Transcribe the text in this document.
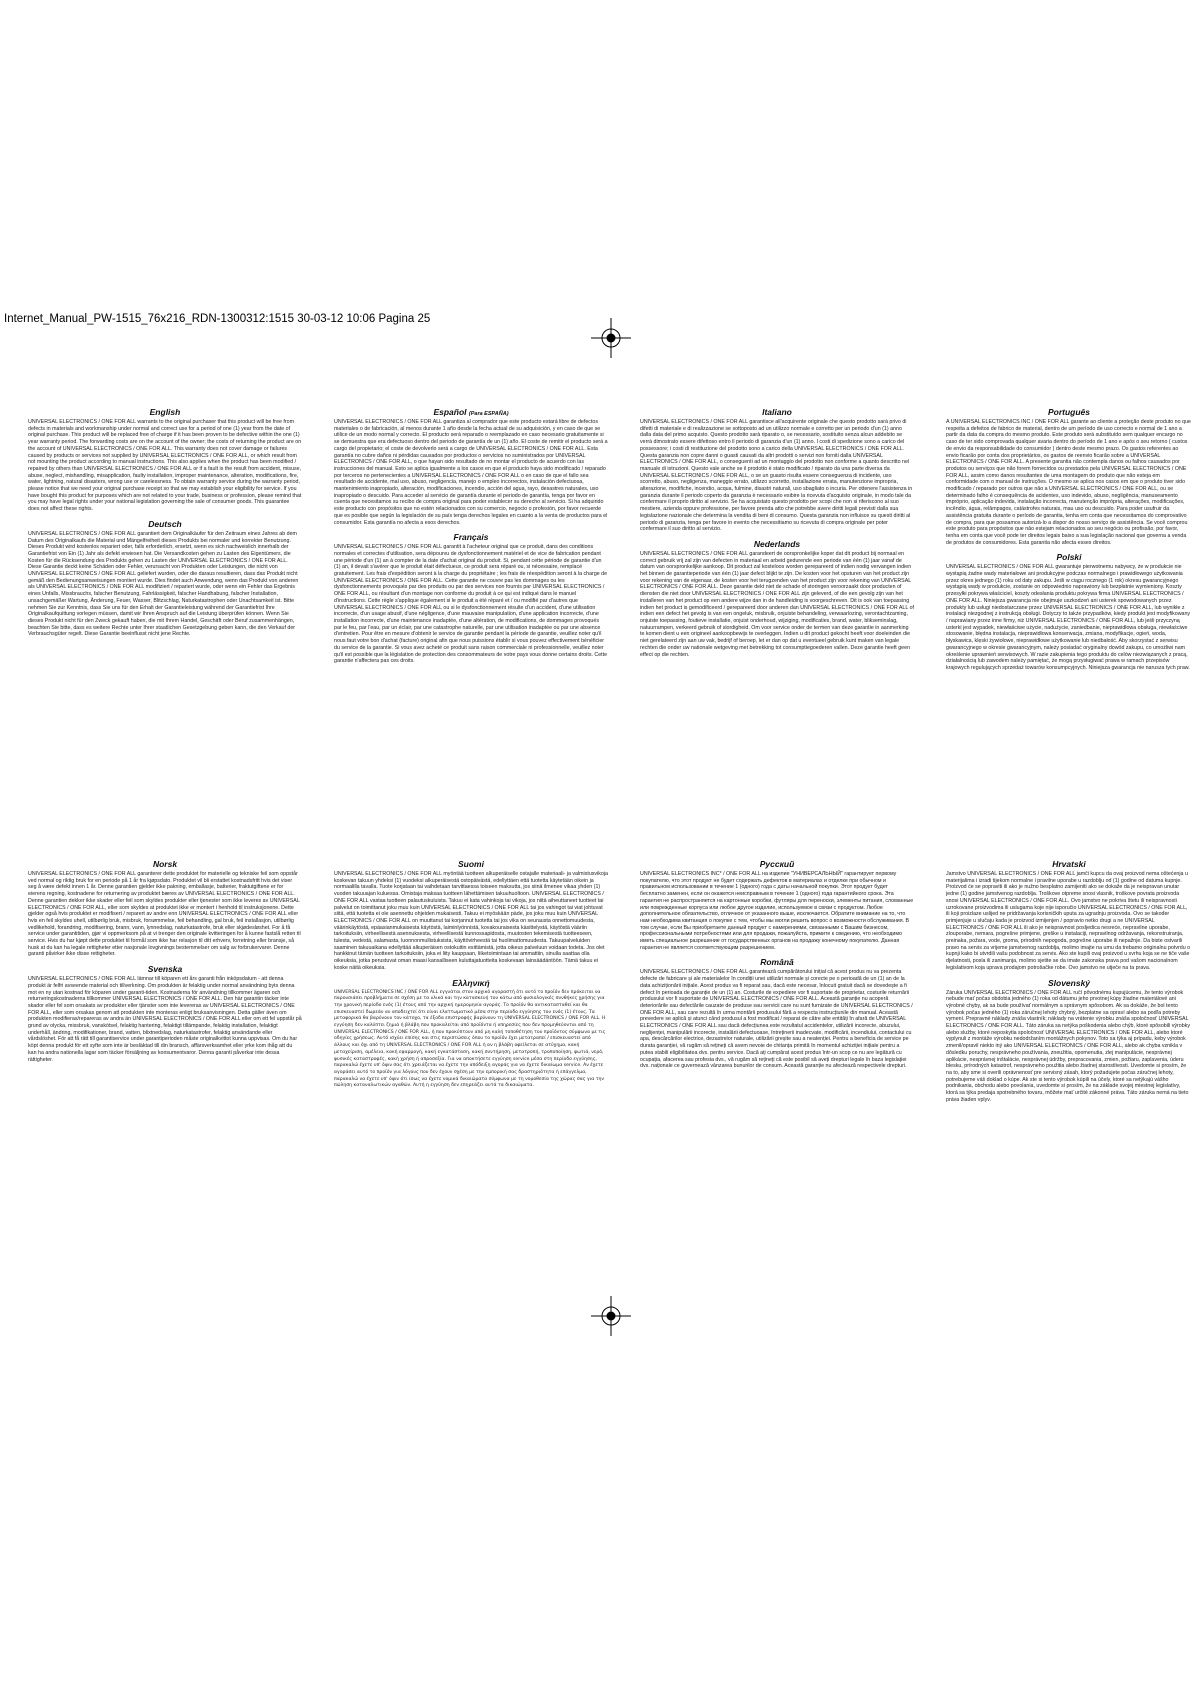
Internet_Manual_PW-1515_76x216_RDN-1300312:1515 30-03-12 10:06 Pagina 25
English

UNIVERSAL ELECTRONICS / ONE FOR ALL warrants to the original purchaser that this product will be free from defects in materials and workmanship under normal and correct use for a period of one (1) year from the date of original purchase. This product will be replaced free of charge if it has been proven to be defective within the one (1) year warranty period. The forwarding costs are on the account of the owner; the costs of returning the product are on the account of UNIVERSAL ELECTRONICS / ONE FOR ALL. This warranty does not cover damage or failures caused by products or services not supplied by UNIVERSAL ELECTRONICS / ONE FOR ALL, or which result from not mounting the product according to manual instructions. This also applies when the product has been modified / repaired by others than UNIVERSAL ELECTRONICS / ONE FOR ALL or if a fault is the result from accident, misuse, abuse, neglect, mishandling, misapplication, faulty installation, improper maintenance, alteration, modifications, fire, water, lightning, natural disasters, wrong use or carelessness. To obtain warranty service during the warranty period, please notice that we need your original purchase receipt so that we may establish your eligibility for service. If you have bought this product for purposes which are not related to your trade, business or profession, please remind that you may have legal rights under your national legislation governing the sale of consumer goods. This guarantee does not affect these rights.

Deutsch

UNIVERSAL ELECTRONICS / ONE FOR ALL garantiert dem Originalkäufer für den Zeitraum eines Jahres ab dem Datum des Originalkaufs die Material und Mängelfreiheit dieses Produkts bei normaler und korrekter Benutzung. Dieses Produkt wird kostenlos repariert oder, falls erforderlich, ersetzt, wenn es sich nachweislich innerhalb der Garantiefrist von Ein (1) Jahr als defekt erwiesen hat. Die Versandkosten gehen zu Lasten des Eigentümers, die Kosten für die Rücksendung des Produkts gehen zu Lasten der UNIVERSAL ELECTRONICS / ONE FOR ALL. Diese Garantie deckt keine Schäden oder Fehler, verursacht von Produkten oder Leistungen, die nicht von UNIVERSAL ELECTRONICS / ONE FOR ALL geliefert wurden, oder die daraus resultieren, dass das Produkt nicht gemäß den Bedienungsanweisungen montiert wurde. Dies findet auch Anwendung, wenn das Produkt von anderen als UNIVERSAL ELECTRONICS / ONE FOR ALL modifiziert / repariert wurde, oder wenn ein Fehler das Ergebnis eines Unfalls, Missbrauchs, falscher Benutzung, Fahrlässigkeit, falscher Handhabung, falscher Installation, unsachgemäßer Wartung, Änderung, Feuer, Wasser, Blitzschlag, Naturkatastrophen oder Unachtsamkeit ist. Bitte nehmen Sie zur Kenntnis, dass Sie uns für den Erhalt der Garantieleistung während der Garantiefrist Ihre Originalkaufquittung vorlegen müssen, damit wir Ihren Anspruch auf die Leistung überprüfen können. Wenn Sie dieses Produkt nicht für den Zweck gekauft haben, die mit Ihrem Handel, Geschäft oder Beruf zusammenhängen, beachten Sie bitte, dass es weitere Rechte unter Ihrer staatlichen Gesetzgebung geben kann, die den Verkauf der Verbrauchsgüter regelt. Diese Garantie beeinflusst nicht jene Rechte.

Español (Para ESPAÑA)

UNIVERSAL ELECTRONICS / ONE FOR ALL garantiza al comprador que este producto estará libre de defectos materiales o de fabricación, al menos durante 1 año desde la fecha actual de su adquisición, y en caso de que se utilice de un modo normal y correcto. El producto será reparado o reemplazado en caso necesario gratuitamente si se demuestra que era defectuoso dentro del periodo de garantía de un (1) año. El coste de remitir el producto será a cargo del propietario; el coste de devolverlo será a cargo de UNIVERSAL ELECTRONICS / ONE FOR ALL. Esta garantía no cubre daños ni pérdidas causados por productos o servicios no suministrados por UNIVERSAL ELECTRONICS / ONE FOR ALL, o que hayan sido resultado de no montar el producto de acuerdo con las instrucciones del manual. Esto se aplica igualmente a los casos en que el producto haya sido modificado / reparado por terceros no pertenecientes a UNIVERSAL ELECTRONICS / ONE FOR ALL o en caso de que el fallo sea resultado de accidente, mal uso, abuso, negligencia, manejo o empleo incorrectos, instalación defectuosa, mantenimiento inapropiado, alteración, modificaciones, incendio, acción del agua, rayo, desastres naturales, uso inapropiado o descuido. Para acceder al servicio de garantía durante el periodo de garantía, tenga por favor en cuenta que necesitamos su recibo de compra original para poder establecer su derecho al servicio. Si ha adquirido este producto con propósitos que no estén relacionados con su comercio, negocio o profesión, por favor recuerde que es posible que según la legislación de su país tenga derechos legales en cuanto a la venta de productos para el consumidor. Esta garantía no afecta a esos derechos.

Français

UNIVERSAL ELECTRONICS / ONE FOR ALL garantit à l'acheteur original que ce produit, dans des conditions normales et correctes d'utilisation, sera dépourvu de dysfonctionnement matériel et de vice de fabrication pendant une période d'un (1) an à compter de la date d'achat original du produit. Si, pendant cette période de garantie d'un (1) an, il devait s'avérer que le produit était défectueux, ce produit sera réparé ou, si nécessaire, remplacé gratuitement. Les frais d'expédition seront à la charge du propriétaire ; les frais de réexpédition seront à la charge de UNIVERSAL ELECTRONICS / ONE FOR ALL. Cette garantie ne couvre pas les dommages ou les dysfonctionnements provoqués par des produits ou par des services non fournis par UNIVERSAL ELECTRONICS / ONE FOR ALL, ou résultant d'un montage non conforme du produit à ce qui est indiqué dans le manuel d'instructions. Cette règle s'applique également si le produit a été réparé et / ou modifié par d'autres que UNIVERSAL ELECTRONICS / ONE FOR ALL ou si le dysfonctionnement résulte d'un accident, d'une utilisation incorrecte, d'un usage abusif, d'une négligence, d'une mauvaise manipulation, d'une application incorrecte, d'une installation incorrecte, d'une maintenance inadaptée, d'une altération, de modifications, de dommages provoqués par le feu, par l'eau, par un éclair, par une catastrophe naturelle, par une utilisation inadaptée ou par une absence d'entretien. Pour être en mesure d'obtenir le service de garantie pendant la période de garantie, veuillez noter qu'il nous faut votre bon d'achat (facture) original afin que nous puissions établir si vous pouvez effectivement bénéficier du service de la garantie. Si vous avez acheté ce produit sans raison commerciale ni professionnelle, veuillez noter qu'il est possible que la législation de protection des consommateurs de votre pays vous donne certains droits. Cette garantie n'affectera pas ces droits.

Italiano

UNIVERSAL ELECTRONICS / ONE FOR ALL garantisce all'acquirente originale che questo prodotto sarà privo di difetti di materiale e di realizzazione se sottoposto ad un utilizzo normale e corretto per un periodo d'un (1) anno dalla data del primo acquisto. Questo prodotto sarà riparato o, se necessario, sostituito senza alcun addebito se verrà dimostrato essere difettoso entro il periodo di garanzia d'un (1) anno. I costi di spedizione sono a carico del possessore; i costi di restituzione del prodotto sono a carico della UNIVERSAL ELECTRONICS / ONE FOR ALL. Questa garanzia non copre danni o guasti causati da altri prodotti o servizi non forniti dalla UNIVERSAL ELECTRONICS / ONE FOR ALL, o conseguenti ad un montaggio del prodotto non conforme a quanto descritto nel manuale di istruzioni. Questo vale anche se il prodotto è stato modificato / riparato da una parte diversa da UNIVERSAL ELECTRONICS / ONE FOR ALL, o se un guasto risulta essere conseguenza di incidente, uso scorretto, abuso, negligenza, maneggio errato, utilizzo scorretto, installazione errata, manutenzione impropria, alterazione, modifiche, incendio, acqua, fulmine, disastri naturali, uso sbagliato o incuria. Per ottenere l'assistenza in garanzia durante il periodo coperto da garanzia è necessario esibire la ricevuta d'acquisto originale, in modo tale da confermare il proprio diritto al servizio. Se ha acquistato questo prodotto per scopi che non si riferiscono al suo mestiere, azienda oppure professione, per favore prenda atto che potrebbe avere diritti legali previsti dalla sua legislazione nazionale che determina la vendita di beni di consumo. Questa garanzia non influisce su questi diritti al periodo di garanzia, tenga per favore in evento che necessitiamo su ricevuta di compra originale per poter confermare il suo diritto al servizio.

Nederlands

UNIVERSAL ELECTRONICS / ONE FOR ALL garandeert de oorspronkelijke koper dat dit product bij normaal en correct gebruik vrij zal zijn van defecten in materiaal en arbeid gedurende een periode van één (1) jaar vanaf de datum van oorspronkelijke aankoop. Dit product zal kosteloos worden gerepareerd of indien nodig vervangen indien het binnen de garantieperiode van één (1) jaar defect blijkt te zijn. De kosten voor het opsturen van het product zijn voor rekening van de eigenaar, de kosten voor het terugzenden van het product zijn voor rekening van UNIVERSAL ELECTRONICS / ONE FOR ALL. Deze garantie dekt niet de schade of storingen veroorzaakt door producten of diensten die niet door UNIVERSAL ELECTRONICS / ONE FOR ALL zijn geleverd, of die een gevolg zijn van het installeren van het product op een andere wijze dan in de handleiding is voorgeschreven. Dit is ook van toepassing indien het product is gemodificeerd / gerepareerd door anderen dan UNIVERSAL ELECTRONICS / ONE FOR ALL of indien een defect het gevolg is van een ongeluk, misbruik, onjuiste behandeling, verwaarlozing, verontachtzaming, onjuiste toepassing, foutieve installatie, onjuist onderhoud, wijziging, modificaties, brand, water, blikseminslag, natuurrampen, verkeerd gebruik of slordigheid. Om voor service onder de termen van deze garantie in aanmerking te komen dient u een origineel aankoopbewijs te overleggen. Indien u dit product gekocht heeft voor doeleinden die niet gerelateerd zijn aan uw vak, bedrijf of beroep, let er dan op dat u eventueel gebruik kunt maken van legale rechten die onder uw nationale wetgeving met betrekking tot consumptiegoederen vallen. Deze garantie heeft geen effect op die rechten.

Português

A UNIVERSAL ELECTRONICS INC / ONE FOR ALL garante ao cliente a proteção deste produto no que respeita a defeitos de fabrico de material, dentro de um período de uso correcto e normal de 1 ano a partir da data da compra do mesmo produto. Este produto será substituído sem qualquer encargo no caso de ter sido comprovada qualquer avaria dentro do período de 1 ano e após o seu retorno ( custos de envio da responsabilidade do consumidor ) dentro deste mesmo prazo. Os gastos referentes ao envio ficarão por conta dos proprietários, os gastos de reenvio ficarão sobre a UNIVERSAL ELECTRONICS / ONE FOR ALL. A presente garantia não contempla danos ou falhos causados por produtos ou serviços que não forem fornecidos ou prestados pela UNIVERSAL ELECTRONICS / ONE FOR ALL, assim como danos resultantes de uma montagem do produto que não esteja em conformidade com o manual de instruções. O mesmo se aplica nos casos em que o produto tiver sido modificado / reparado por outros que não a UNIVERSAL ELECTRONICS / ONE FOR ALL, ou se determinado falho é consequência de acidentes, uso indevido, abuso, negligência, manuseamento impróprio, aplicação indevida, instalação incorrecta, manutenção imprópria, alterações, modificações, incêndio, água, relâmpagos, catástrofes naturais, mau uso ou descuido. Para poder usufruir da assistência gratuita durante o período de garantia, tenha em conta que necessitamos do comprovativo de compra, para que possamos autorizá-lo a dispor do nosso serviço de assistência. Se você comprou este produto para propósitos que não estejam relacionados ao seu negócio ou profissão, por favor, tenha em conta que você pode ter direitos legais baixo a sua legislação nacional que governa a venda de produtos de consumidores. Esta garantia não afecta esses direitos.

Polski

UNIVERSAL ELECTRONICS / ONE FOR ALL gwarantuje pierwotnemu nabywcy, że w produkcie nie wystąpią żadne wady materiałowe ani produkcyjne podczas normalnego i prawidłowego użytkowania przez okres jednego (1) roku od daty zakupu. Jeśli w ciągu rocznego (1 rok) okresu gwarancyjnego wystąpią wady w produkcie, zostanie on odpowiednio naprawiony lub bezpłatnie wymieniony. Koszty przesyłki pokrywa właściciel, koszty odesłania produktu pokrywa firma UNIVERSAL ELECTRONICS / ONE FOR ALL. Niniejsza gwarancja nie obejmuje uszkodzeń ani usterek spowodowanych przez produkty lub usługi niedostarczane przez UNIVERSAL ELECTRONICS / ONE FOR ALL, lub wynikłe z instalacji niezgodnej z instrukcją obsługi. Dotyczy to także przypadków, kiedy produkt jest modyfikowany / naprawiany przez inne firmy, niż UNIVERSAL ELECTRONICS / ONE FOR ALL, lub jeśli przyczyną usterki jest wypadek, niewłaściwe użycie, nadużycie, zaniedbanie, nieprawidłowa obsługa, niewłaściwe stosowanie, błędna instalacja, nieprawidłowa konserwacja, zmiana, modyfikacje, ogień, woda, błyskawica, klęski żywiołowe, nieprawidłowe użytkowanie lub niedbałość. Aby skorzystać z serwisu gwarancyjnego w okresie gwarancyjnym, należy posiadać oryginalny dowód zakupu, co umożliwi nam określenie uprawnień serwisowych. W razie zakupienia tego produktu do celów niezwiązanych z pracą, działalnością lub zawodem należy pamiętać, że mogą przysługiwać prawa w ramach przepisów krajowych regulujących sprzedaż towarów konsumpcyjnych. Niniejsza gwarancja nie narusza tych praw.

Norsk

UNIVERSAL ELECTRONICS / ONE FOR ALL garanterer dette produktet for materielle og tekniske feil som oppstår ved normal og riktig bruk for en periode på 1 år fra kjøpsdato. Produktet vil bli erstattet kostnadsfritt hvis det viser seg å være defekt innen 1 år. Denne garantien gjelder ikke pakning, emballasje, batterier, fraktutgiftene er for eierens regning, kostnadene for returnering av produktet bæres av UNIVERSAL ELECTRONICS / ONE FOR ALL. Denne garantien dekker ikke skader eller feil som skyldes produkter eller tjenester som ikke leveres av UNIVERSAL ELECTRONICS / ONE FOR ALL, eller som skyldes at produktet ikke er montert i henhold til instruksjonene. Dette gjelder også hvis produktet er modifisert / reparert av andre enn UNIVERSAL ELECTRONICS / ONE FOR ALL eller hvis en feil skyldes uhell, utilbørlig bruk, misbruk, forsømmelse, feil behandling, gal bruk, feil installasjon, utilbørlig vedlikehold, forandring, modifisering, brann, vann, lynnedslag, naturkatastrofe, bruk eller skjødesløshet. For å få service under garantitiden, gjør vi oppmerksom på at vi trenger den originale kvitteringen for å kunne fastslå retten til service. Hvis du har kjøpt dette produktet til formål som ikke har relasjon til ditt erhverv, forretning eller bransje, så husk at du kan ha legale rettigheter etter nasjonale lovgivnings bestemmelser om salg av forbrukervarer. Denne garanti påvirker ikke disse rettigheter.

Svenska

UNIVERSAL ELECTRONICS / ONE FOR ALL lämnar till köparen ett års garanti från inköpsdatum - att denna produkt är felfri avseende material och tillverkning. Om produkten är felaktig under normal användning byts denna mot en ny utan kostnad för köparen under garanti-tiden. Kostnaderna för användning tillkommer ägaren och returneringskostnaderna tillkommer UNIVERSAL ELECTRONICS / ONE FOR ALL. Den här garantin täcker inte skador eller fel som orsakats av produkter eller tjänster som inte levereras av UNIVERSAL ELECTRONICS / ONE FOR ALL, eller som orsakas genom att produkten inte monteras enligt bruksanvisningen. Detta gäller även om produkten modifieras/repareras av andra än UNIVERSAL ELECTRONICS / ONE FOR ALL eller om ett fel uppstår på grund av olycka, missbruk, vanskötsel, felaktig hantering, felaktigt tillämpande, felaktig installation, felaktigt underhåll, ändring, modifikationer, brand, vatten, blixtnedslag, naturkatastrofer, felaktig användande eller vårdslöshet. För att få rätt till garantiservice under garantiperioden måste originalkvittot kunna uppvisas. Om du har köpt denna produkt för ett syfte som inte är besläktad till din bransch, affärsverksamhet eller yrke kom ihåg att du kan ha andra nationella lagar som täcker försäljning av konsumentvaror. Denna garanti påverkar inte dessa rättigheter.

Suomi

UNIVERSAL ELECTRONICS / ONE FOR ALL myöntää tuotteen alkuperäiselle ostajalle materiaali- ja valmistusvikoja koskevan takuun yhdeksi (1) vuodeksi alkuperäisestä ostopäivästä, edellyttäen että tuotetta käytetään oikein ja normaalilla tavalla. Tuote korjataan tai vaihdetaan tarvittaessa toiseen maksutta, jos siinä ilmenee vikaa yhden (1) vuoden takuuajan kuluessa. Omistaja maksaa tuotteen lähettämisen takuuhuoltoon. UNIVERSAL ELECTRONICS / ONE FOR ALL vastaa tuotteen palautuskuluista. Takuu ei kata vahinkoja tai vikoja, jos niitä aiheuttaneet tuotteet tai palvelut on toimittanut joku muu kuin UNIVERSAL ELECTRONICS / ONE FOR ALL tai jos vahingot tai viat johtuvat siitä, että tuotetta ei ole asennettu ohjeiden mukaisesti. Takuu ei myöskään päde, jos joku muu kuin UNIVERSAL ELECTRONICS / ONE FOR ALL on muuttanut tai korjannut tuotetta tai jos vika on seurausta onnettomuudesta, väärinkäytöstä, epäasianmukaisesta käytöstä, laiminlyönnistä, kovakouraisesta käsittelystä, käytöstä vääriin tarkoituksiin, virheellisestä asennuksesta, virheellisestä kunnossapidosta, muutosten tekemisestä tuotteeseen, tulesta, vedestä, salamasta, luonnonmullistuksista, käyttövirheestä tai huolimattomuudesta. Takuupalveluiden saaminen takuuaikana edellyttää alkuperäisen ostokuitin esittämistä, jotta oikeus palveluun voidaan todeta. Jos olet hankkinut tämän tuotteen tarkoituksiin, joka ei liity kauppaan, liiketoimintaan tai ammattiin, sinulla saattaa olla oikeuksia, jotka perustuvat oman maasi kansalliseen kuluttajatuotteita koskevaan lainsäädäntöön. Tämä takuu ei koske näitä oikeuksia.

Ελληνική

UNIVERSAL ELECTRONICS INC / ONE FOR ALL εγγυάται στον αρχικό αγοραστή ότι αυτό το προϊόν δεν πρόκειται να παρουσιάσει προβλήματα σε σχέση με τα υλικά και την κατασκευή του κάτω από φυσιολογικές συνθήκες χρήσης για την χρονική περίοδο ενός (1) έτους από την αρχική ημερομηνία αγοράς. Το προϊόν θα αντικατασταθεί και θα επισκευαστεί δωρεάν αν αποδειχτεί ότι είναι ελαττωματικό μέσα στην περίοδο εγγύησης του ενός (1) έτους. Τα μεταφορικά θα βαρύνουν τον κάτοχο, τα έξοδα επιστροφής βαρύνουν τη UNIVERSAL ELECTRONICS / ONE FOR ALL. Η εγγύηση δεν καλύπτει ζημιά ή βλάβη που προκαλείται από προϊόντα ή υπηρεσίες που δεν προμηθεύονται από τη UNIVERSAL ELECTRONICS / ONE FOR ALL, ή που προκύπτουν από μη καλή τοποθέτηση του προϊόντος σύμφωνα με τις οδηγίες χρήσεως. Αυτό ισχύει επίσης και στις περιπτώσεις όπου το προϊόν έχει μετατραπεί / επισκευαστεί από άλλους και όχι από τη UNIVERSAL ELECTRONICS / ONE FOR ALL ή αν η βλάβη οφείλεται σε ατύχημα, κακή μεταχείριση, αμέλεια, κακή εφαρμογή, κακή εγκατάσταση, κακή συντήρηση, μετατροπή, τροποποίηση, φωτιά, νερό, φυσικές καταστροφές, κακή χρήση ή απροσεξία. Για να αποκτήσετε εγγύηση service μέσα στη περίοδο εγγύησης, παρακαλώ έχετε υπ' όψιν σας ότι χρειάζεται να έχετε την απόδειξη αγοράς για να έχετε δικαίωμα service. Αν έχετε αγοράσει αυτό το προϊόν για λόγους που δεν έχουν σχέση με την εμπορική σας δραστηριότητα ή επάγγελμα, παρακαλώ να έχετε υπ' όψιν ότι ίσως να έχετε νομικά δικαιώματα σύμφωνα με τη νομοθεσία της χώρας σας για την πώληση καταναλωτικών αγαθών. Αυτή η εγγύηση δεν επηρεάζει αυτά τα δικαιώματα.

Русский

UNIVERSAL ELECTRONICS INC* / ONE FOR ALL на изделие "УНИВЕРСАЛЬНЫЙ" гарантирует первому покупателю, что этот продукт не будет содержать дефектов в материалах и отделке при обычном и правильном использовании в течение 1 (одного) года с даты начальной покупки. Этот продукт будет бесплатно заменен, если он окажется неисправным в течение 1 (одного) года гарантийного срока. Эта гарантия не распространяется на картонные коробки, футляры для переноски, элементы питания, сломанные или поврежденные корпуса или любое другое изделие, используемое в связи с продуктом. Любое дополнительное обязательство, отличное от указанного выше, исключается. Обратите внимание на то, что нам необходима квитанция о покупке с тем, чтобы мы могли решить вопрос о возможности обслуживания. В том случае, если Вы приобретаете данный продукт с намерениями, связанными с Вашим бизнесом, профессиональными потребностями или для продажи, пожалуйста, примите к сведению, что необходимо иметь специальное разрешение от государственных органов на продажу конечному покупателю. Данная гарантия не является соответствующим разрешением.

Română

UNIVERSAL ELECTRONICS / ONE FOR ALL garantează cumpărătorului inițial că acest produs nu va prezenta defecte de fabricare și ale materialelor în condiții unei utilizări normale și corecte pe o perioadă de un (1) an de la data achiziționării inițiale. Acest produs va fi reparat sau, dacă este necesar, înlocuit gratuit dacă se dovedește a fi defect în perioada de garanție de un (1) an. Costurile de expediere vor fi suportate de proprietar, costurile returnării produsului vor fi suportate de UNIVERSAL ELECTRONICS / ONE FOR ALL. Această garanție nu acoperă deteriorările sau defectările cauzate de produse sau servicii care nu sunt furnizate de UNIVERSAL ELECTRONICS / ONE FOR ALL, sau care rezultă în urma montării produsului fără a respecta instrucțiunile din manual. Această prevedere se aplică și atunci când produsul a fost modificat / reparat de către alte entități în afară de UNIVERSAL ELECTRONICS / ONE FOR ALL sau dacă defecțiunea este rezultatul accidentelor, utilizării incorecte, abuzului, neglijenței, manipulării incorecte, instalării defectuoase, întreținerii inadecvate, modificării, incendiului, contactului cu apa, descărcărilor electrice, dezastrelor naturale, utilizării greșite sau a neatenției. Pentru a beneficia de service pe durata garanției, vă rugăm să rețineți că avem nevoie de chitanța primită în momentul achiziției inițiale pentru a putea stabili eligibilitatea dvs. pentru service. Dacă ați cumpărat acest produs într-un scop ce nu are legătură cu ocupația, afacerea sau profesia dvs., vă rugăm să rețineți că este posibil să aveți drepturi legale în baza legislației dvs. naționale ce guvernează vânzarea bunurilor de consum. Această garanție nu afectează respectivele drepturi.

Hrvatski

Jamstvo UNIVERSAL ELECTRONICS / ONE FOR ALL jamči kupcu da ovaj proizvod nema oštećenja u materijalima i izradi tijekom normalne i pravilne uporabe u razdoblju od (1) godine od datuma kupnje. Proizvod će se popraviti ili ako je nužno besplatno zamijeniti ako se dokaže da je neispravan unutar jedne (1) godine jamstvenog razdoblja. Troškove otpreme snosi vlasnik, troškove povrata proizvoda snosi UNIVERSAL ELECTRONICS / ONE FOR ALL. Ovo jamstvo ne pokriva štetu ili neispravnosti uzrokovane proizvodima ili uslugama koje nije isporučio UNIVERSAL ELECTRONICS / ONE FOR ALL, ili koji proizlaze uslijed ne pridržavanja korisničkih uputa za ugradnju proizvoda. Ovo se također primjenjuje u slučaju kada je proizvod izmijenjen / popravio netko drugi a ne UNIVERSAL ELECTRONICS / ONE FOR ALL ili ako je neispravnost posljedica nesreće, nepravilne uporabe, zlouporabe, nemara, pogrešne primjene, greške u instalaciji, nepravilnog održavanja, rekonstruiranja, preinaka, požara, vode, groma, prirodnih nepogoda, pogrešne uporabe ili nepažnje. Da biste ostvarili pravo na servis za vrijeme jamstvenog razdoblja, molimo imajte na umu da trebamo originalnu potvrdu o kupnji kako bi utvrdili vašu podobnost za servis. Ako ste kupili ovaj proizvod u svrhu koja se ne tiče vaše djelatnosti, posla ili zanimanja, molimo sjetite se da imate zakonska prava pod vašom nacionalnom legislativom koja uprava prodajom potrošačke robe. Ovo jamstvo ne utječe na ta prava.

Slovenský

Záruka UNIVERSAL ELECTRONICS / ONE FOR ALL ručí pôvodnému kupujúcemu, že tento výrobok nebude mať počas obdobia jedného (1) roka od dátumu jeho prvotnej kúpy žiadne materiálové ani výrobné chyby, ak sa bude používať normálnym a správnym spôsobom. Ak sa dokáže, že bol tento výrobok počas jedného (1) roka záručnej lehoty chybný, bezplatne sa opraví alebo sa podľa potreby vymení. Prepravné náklady znáša vlastník; náklady na vrátenie výrobku znáša spoločnosť UNIVERSAL ELECTRONICS / ONE FOR ALL. Táto záruka sa netýka poškodenia alebo chýb, ktoré spôsobili výrobky alebo služby, ktoré neposkytla spoločnosť UNIVERSAL ELECTRONICS / ONE FOR ALL, alebo ktoré vyplynuli z montáže výrobku nedodržaním montážnych pokynov. Toto sa týka aj prípadu, keby výrobok zmenil/opravil niekto iný ako UNIVERSAL ELECTRONICS / ONE FOR ALL, alebo ak chyba vznikla v dôsledku poruchy, nesprávneho používania, zneužitia, opomenutia, zlej manipulácie, nesprávnej aplikácie, nesprávnej inštalácie, nesprávnej údržby, prepracovania, zmien, požiaru, zaplavenia, úderu blesku, prírodných katastrof, nesprávneho použitia alebo žiadnej starostlivosti. Uvedomte si prosím, že na to, aby sme si overili oprávnenosť pre servisný zásah, ktorý požadujete počas záručnej lehoty, potrebujeme váš doklad o kúpe. Ak ste si tento výrobok kúpili na účely, ktoré sa netýkajú vášho podnikania, obchodu alebo povolania, uvedomte si prosím, že na základe svojej miestnej legislatívy, ktorá sa týka predaja spotrebného tovaru, môžete mať určité zákonné práva. Táto záruka nemá na tieto práva žiaden vplyv.
